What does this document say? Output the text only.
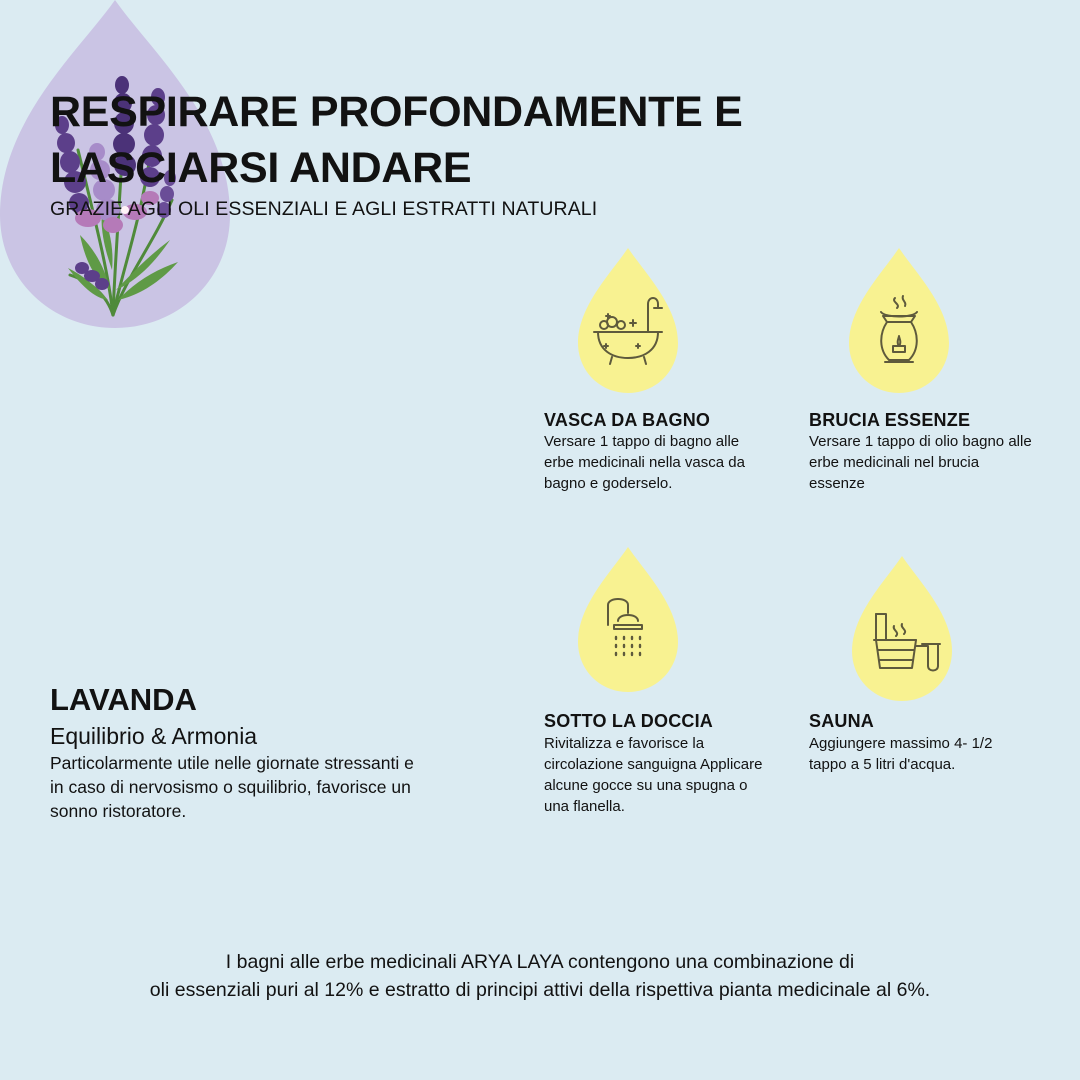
RESPIRARE PROFONDAMENTE E
LASCIARSI ANDARE
GRAZIE AGLI OLI ESSENZIALI E AGLI ESTRATTI NATURALI
LAVANDA
Equilibrio & Armonia
Particolarmente utile nelle giornate stressanti e in caso di nervosismo o squilibrio, favorisce un sonno ristoratore.
VASCA DA BAGNO
Versare 1 tappo di bagno alle erbe medicinali nella vasca da bagno e goderselo.
BRUCIA ESSENZE
Versare 1 tappo di olio bagno alle erbe medicinali nel brucia essenze
SOTTO LA DOCCIA
Rivitalizza e favorisce la circolazione sanguigna Applicare alcune gocce su una spugna o una flanella.
SAUNA
Aggiungere massimo 4- 1/2 tappo a 5 litri d'acqua.
I bagni alle erbe medicinali ARYA LAYA contengono una combinazione di
oli essenziali puri al 12% e estratto di principi attivi della rispettiva pianta medicinale al 6%.
